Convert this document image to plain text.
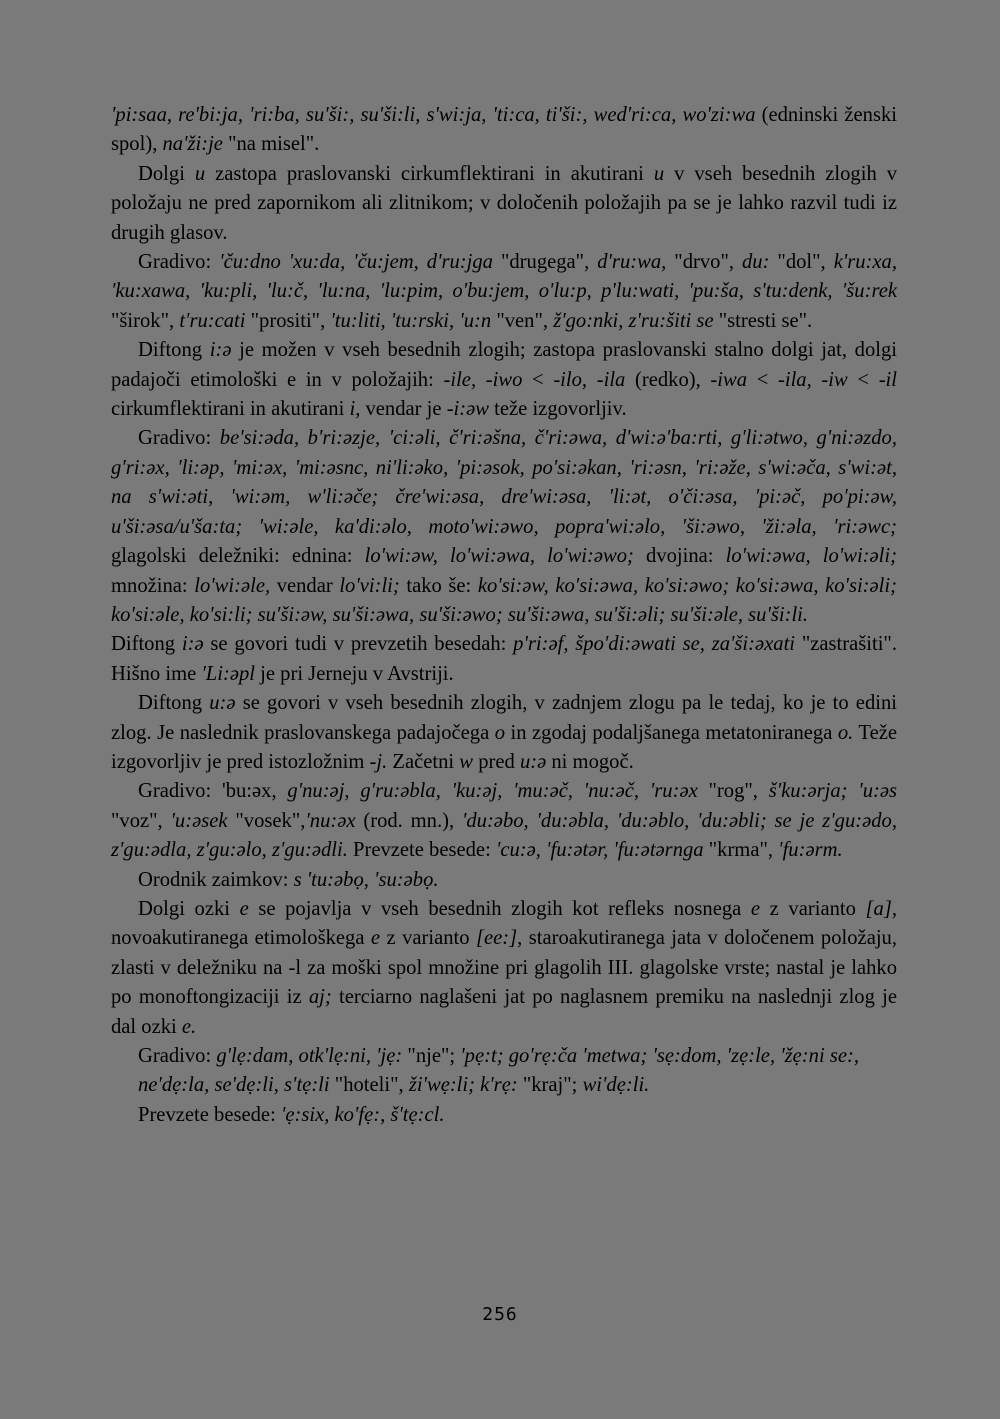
'pi:saa, re'bi:ja, 'ri:ba, su'ši:, su'ši:li, s'wi:ja, 'ti:ca, ti'ši:, wed'ri:ca, wo'zi:wa (edninski ženski spol), na'ži:je "na misel".

Dolgi u zastopa praslovanski cirkumflektirani in akutirani u v vseh besednih zlogih v položaju ne pred zapornikom ali zlitnikom; v določenih položajih pa se je lahko razvil tudi iz drugih glasov.

Gradivo: 'ču:dno 'xu:da, 'ču:jem, d'ru:jga "drugega", d'ru:wa, "drvo", du: "dol", k'ru:xa, 'ku:xawa, 'ku:pli, 'lu:č, 'lu:na, 'lu:pim, o'bu:jem, o'lu:p, p'lu:wati, 'pu:ša, s'tu:denk, 'šu:rek "širok", t'ru:cati "prositi", 'tu:liti, 'tu:rski, 'u:n "ven", ž'go:nki, z'ru:šiti se "stresti se".

Diftong i:ə je možen v vseh besednih zlogih; zastopa praslovanski stalno dolgi jat, dolgi padajoči etimološki e in v položajih: -ile, -iwo < -ilo, -ila (redko), -iwa < -ila, -iw < -il cirkumflektirani in akutirani i, vendar je -i:əw teže izgovorljiv.

Gradivo: be'si:əda, b'ri:əzje, 'ci:əli, č'ri:əšna, č'ri:əwa, d'wi:ə'ba:rti, g'li:ətwo, g'ni:əzdo, g'ri:əx, 'li:əp, 'mi:əx, 'mi:əsnc, ni'li:əko, 'pi:əsok, po'si:əkan, 'ri:əsn, 'ri:əže, s'wi:əča, s'wi:ət, na s'wi:əti, 'wi:əm, w'li:əče; čre'wi:əsa, dre'wi:əsa, 'li:ət, o'či:əsa, 'pi:əč, po'pi:əw, u'ši:əsa/u'ša:ta; 'wi:əle, ka'di:əlo, moto'wi:əwo, popra'wi:əlo, 'ši:əwo, 'ži:əla, 'ri:əwc; glagolski deležniki: ednina: lo'wi:əw, lo'wi:əwa, lo'wi:əwo; dvojina: lo'wi:əwa, lo'wi:əli; množina: lo'wi:əle, vendar lo'vi:li; tako še: ko'si:əw, ko'si:əwa, ko'si:əwo; ko'si:əwa, ko'si:əli; ko'si:əle, ko'si:li; su'ši:əw, su'ši:əwa, su'ši:əwo; su'ši:əwa, su'ši:əli; su'ši:əle, su'ši:li.

Diftong i:ə se govori tudi v prevzetih besedah: p'ri:əf, špo'di:əwati se, za'ši:əxati "zastrašiti". Hišno ime 'Li:əpl je pri Jerneju v Avstriji.

Diftong u:ə se govori v vseh besednih zlogih, v zadnjem zlogu pa le tedaj, ko je to edini zlog. Je naslednik praslovanskega padajočega o in zgodaj podaljšanega metatoniranega o. Teže izgovorljiv je pred istozložnim -j. Začetni w pred u:ə ni mogoč.

Gradivo: 'bu:əx, g'nu:əj, g'ru:əbla, 'ku:əj, 'mu:əč, 'nu:əč, 'ru:əx "rog", š'ku:ərja; 'u:əs "voz", 'u:əsek "vosek",'nu:əx (rod. mn.), 'du:əbo, 'du:əbla, 'du:əblo, 'du:əbli; se je z'gu:ədo, z'gu:ədla, z'gu:əlo, z'gu:ədli. Prevzete besede: 'cu:ə, 'fu:ətər, 'fu:ətərnga "krma", 'fu:ərm.

Orodnik zaimkov: s 'tu:əbọ, 'su:əbọ.

Dolgi ozki e se pojavlja v vseh besednih zlogih kot refleks nosnega e z varianto [a], novoakutiranega etimološkega e z varianto [ee:], staroakutiranega jata v določenem položaju, zlasti v deležniku na -l za moški spol množine pri glagolih III. glagolske vrste; nastal je lahko po monoftongizaciji iz aj; terciarno naglašeni jat po naglasnem premiku na naslednji zlog je dal ozki e.

Gradivo: g'lẹ:dam, otk'lẹ:ni, 'jẹ: "nje"; 'pẹ:t; go'rẹ:ča 'metwa; 'sẹ:dom, 'zẹ:le, 'žẹ:ni se:,

ne'dẹ:la, se'dẹ:li, s'tẹ:li "hoteli", ži'wẹ:li; k'rẹ: "kraj"; wi'dẹ:li.

Prevzete besede: 'ẹ:six, ko'fẹ:, š'tẹ:cl.

256
